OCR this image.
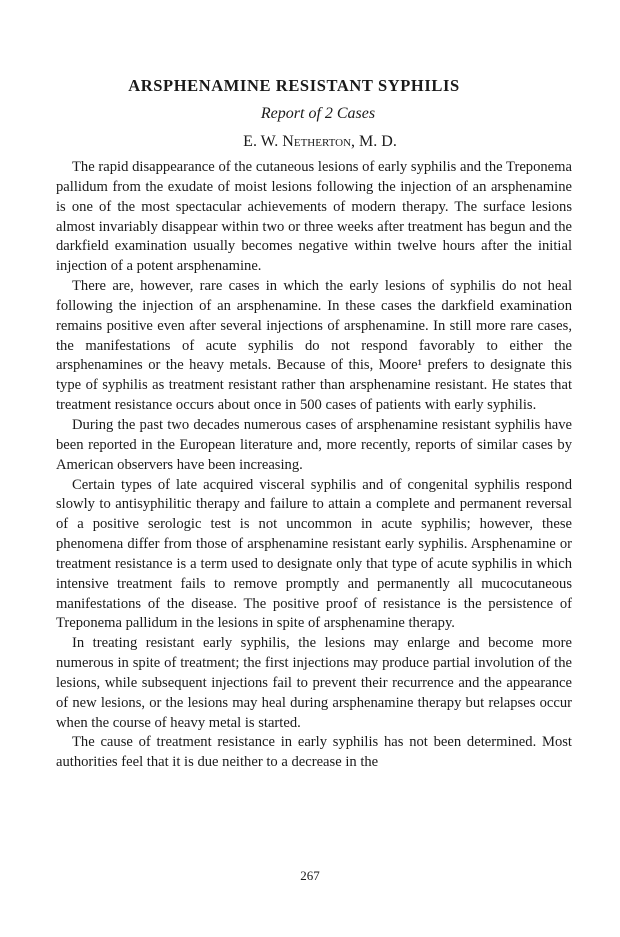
ARSPHENAMINE RESISTANT SYPHILIS
Report of 2 Cases
E. W. Netherton, M. D.

The rapid disappearance of the cutaneous lesions of early syphilis and the Treponema pallidum from the exudate of moist lesions following the injection of an arsphenamine is one of the most spectacular achievements of modern therapy. The surface lesions almost invariably disappear within two or three weeks after treatment has begun and the darkfield examination usually becomes negative within twelve hours after the initial injection of a potent arsphenamine.

There are, however, rare cases in which the early lesions of syphilis do not heal following the injection of an arsphenamine. In these cases the darkfield examination remains positive even after several injections of arsphenamine. In still more rare cases, the manifestations of acute syphilis do not respond favorably to either the arsphenamines or the heavy metals. Because of this, Moore¹ prefers to designate this type of syphilis as treatment resistant rather than arsphenamine resistant. He states that treatment resistance occurs about once in 500 cases of patients with early syphilis.

During the past two decades numerous cases of arsphenamine resistant syphilis have been reported in the European literature and, more recently, reports of similar cases by American observers have been increasing.

Certain types of late acquired visceral syphilis and of congenital syphilis respond slowly to antisyphilitic therapy and failure to attain a complete and permanent reversal of a positive serologic test is not uncommon in acute syphilis; however, these phenomena differ from those of arsphenamine resistant early syphilis. Arsphenamine or treatment resistance is a term used to designate only that type of acute syphilis in which intensive treatment fails to remove promptly and permanently all mucocutaneous manifestations of the disease. The positive proof of resistance is the persistence of Treponema pallidum in the lesions in spite of arsphenamine therapy.

In treating resistant early syphilis, the lesions may enlarge and become more numerous in spite of treatment; the first injections may produce partial involution of the lesions, while subsequent injections fail to prevent their recurrence and the appearance of new lesions, or the lesions may heal during arsphenamine therapy but relapses occur when the course of heavy metal is started.

The cause of treatment resistance in early syphilis has not been determined. Most authorities feel that it is due neither to a decrease in the

267
